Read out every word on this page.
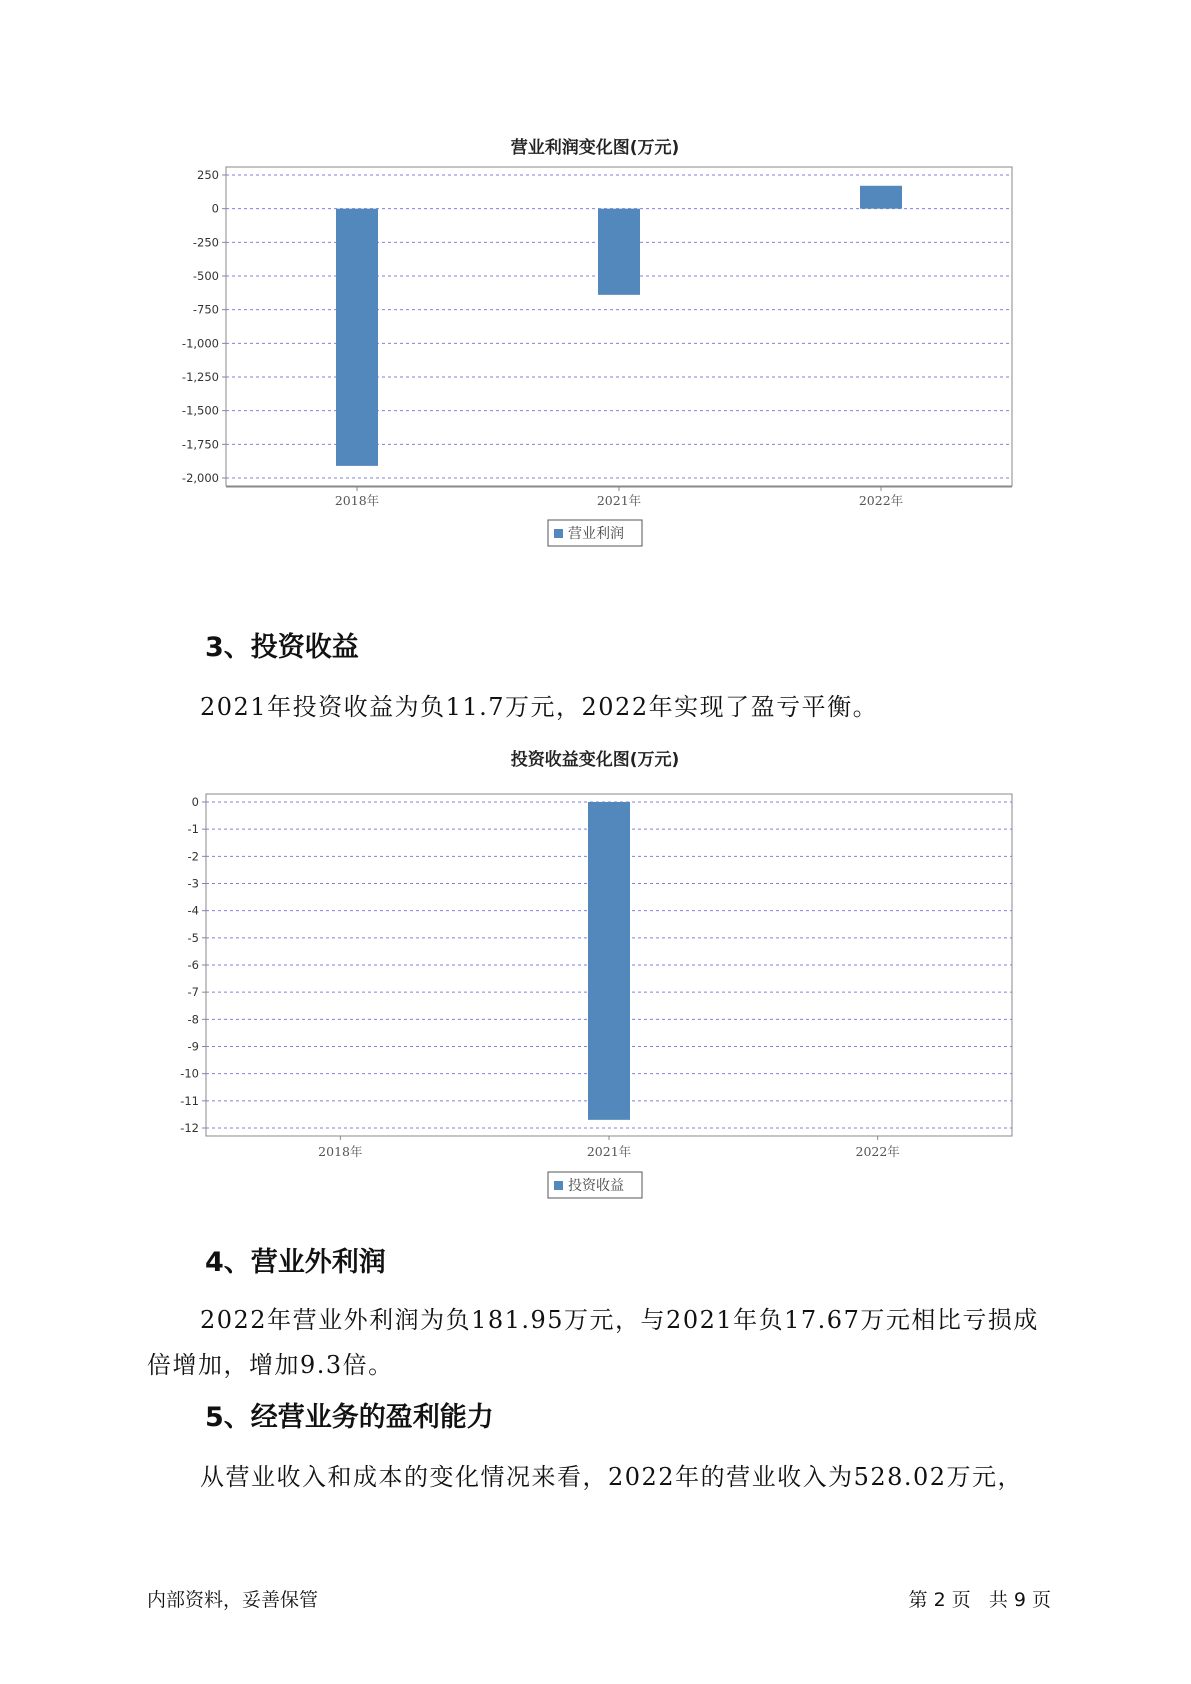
营业利润变化图(万元)
250
0
-250
-500
-750
-1,000
-1,250
-1,500
-1,750
-2,000
2018年	2021年	2022年
营业利润
3、投资收益

2021年投资收益为负11.7万元，2022年实现了盈亏平衡。

投资收益变化图(万元)
0
-1
-2
-3
-4
-5
-6
-7
-8
-9
-10
-11
-12
2018年	2021年	2022年
投资收益
4、营业外利润

2022年营业外利润为负181.95万元，与2021年负17.67万元相比亏损成

倍增加，增加9.3倍。

5、经营业务的盈利能力

从营业收入和成本的变化情况来看，2022年的营业收入为528.02万元，

内部资料，妥善保管	第 2 页   共 9 页
